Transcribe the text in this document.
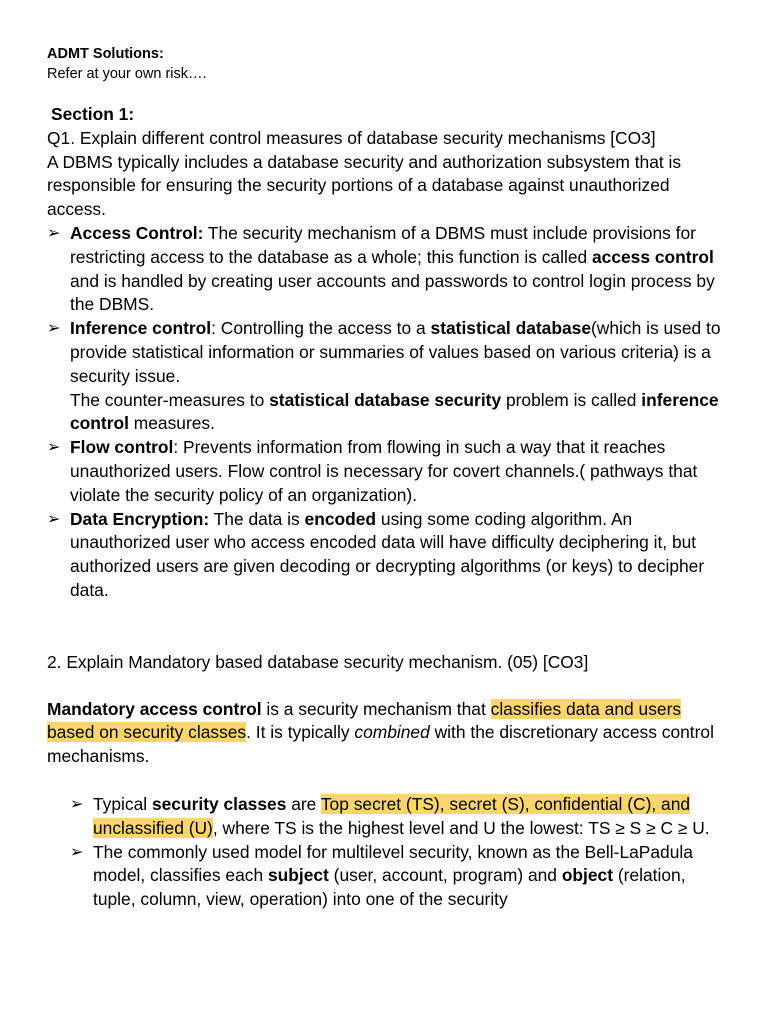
ADMT Solutions:
Refer at your own risk….

Section 1:

Q1. Explain different control measures of database security mechanisms [CO3]

A DBMS typically includes a database security and authorization subsystem that is responsible for ensuring the security portions of a database against unauthorized access.

➢ Access Control: The security mechanism of a DBMS must include provisions for restricting access to the database as a whole; this function is called access control and is handled by creating user accounts and passwords to control login process by the DBMS.
➢ Inference control: Controlling the access to a statistical database(which is used to provide statistical information or summaries of values based on various criteria) is a security issue.
The counter-measures to statistical database security problem is called inference control measures.
➢ Flow control: Prevents information from flowing in such a way that it reaches unauthorized users. Flow control is necessary for covert channels.( pathways that violate the security policy of an organization).
➢ Data Encryption: The data is encoded using some coding algorithm. An unauthorized user who access encoded data will have difficulty deciphering it, but authorized users are given decoding or decrypting algorithms (or keys) to decipher data.

2. Explain Mandatory based database security mechanism. (05) [CO3]

Mandatory access control is a security mechanism that classifies data and users based on security classes. It is typically combined with the discretionary access control mechanisms.

➢ Typical security classes are Top secret (TS), secret (S), confidential (C), and unclassified (U), where TS is the highest level and U the lowest: TS ≥ S ≥ C ≥ U.
➢ The commonly used model for multilevel security, known as the Bell-LaPadula model, classifies each subject (user, account, program) and object (relation, tuple, column, view, operation) into one of the security
